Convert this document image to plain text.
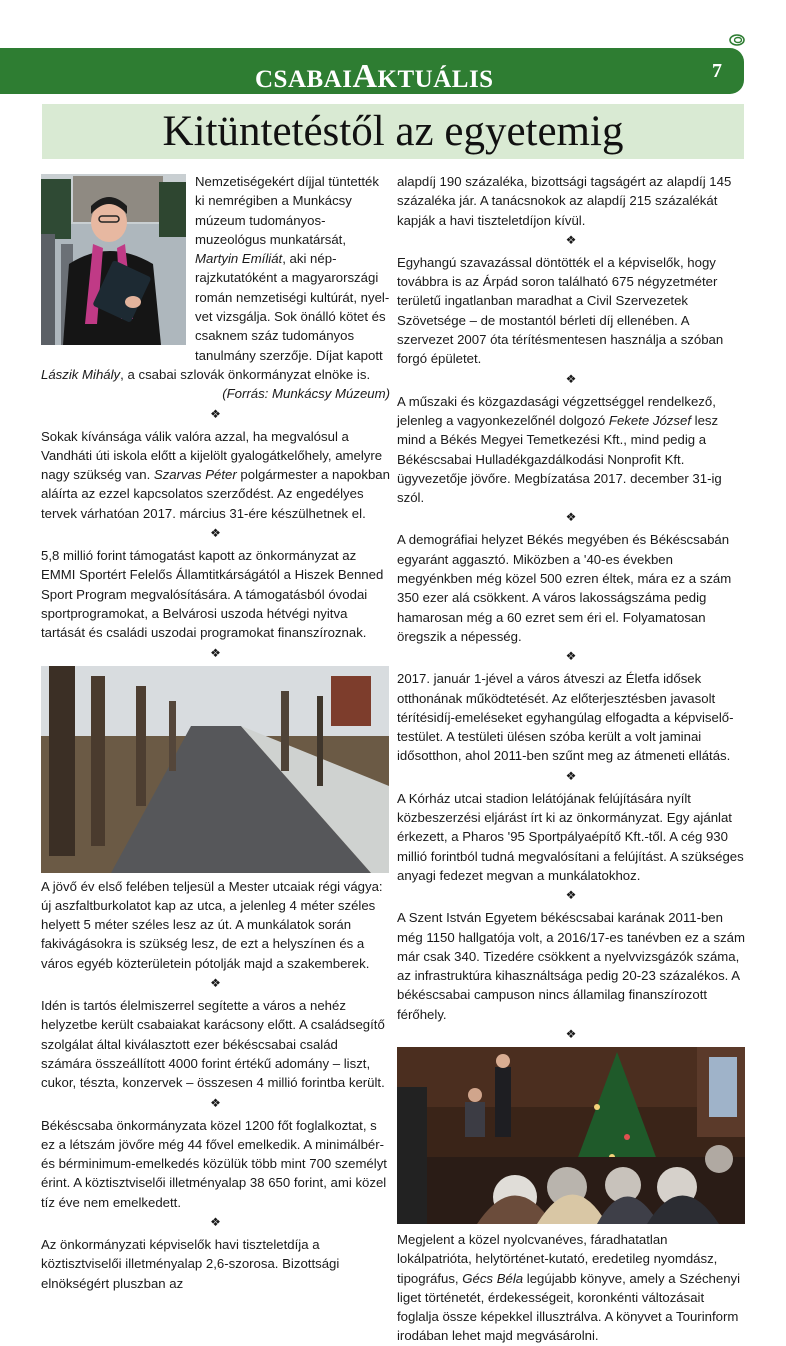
CSABAIAKTUÁLIS	7
Kitüntetéstől az egyetemig

Nemzetiségekért díjjal tüntették ki nemrégiben a Munkácsy múzeum tudományos-muzeológus munkatársát, Martyin Emíliát, aki néprajzkutatóként a magyarországi román nemzetiségi kultúrát, nyelvet vizsgálja. Sok önálló kötet és csaknem száz tudományos tanulmány szerzője. Díjat kapott Lászik Mihály, a csabai szlovák önkormányzat elnöke is.

(Forrás: Munkácsy Múzeum)

❖

Sokak kívánsága válik valóra azzal, ha megvalósul a Vandháti úti iskola előtt a kijelölt gyalogátkelőhely, amelyre nagy szükség van. Szarvas Péter polgármester a napokban aláírta az ezzel kapcsolatos szerződést. Az engedélyes tervek várhatóan 2017. március 31-ére készülhetnek el.

❖

5,8 millió forint támogatást kapott az önkormányzat az EMMI Sportért Felelős Államtitkárságától a Hiszek Benned Sport Program megvalósítására. A támogatásból óvodai sportprogramokat, a Belvárosi uszoda hétvégi nyitva tartását és családi uszodai programokat finanszíroznak.

❖

A jövő év első felében teljesül a Mester utcaiak régi vágya: új aszfaltburkolatot kap az utca, a jelenleg 4 méter széles helyett 5 méter széles lesz az út. A munkálatok során fakivágásokra is szükség lesz, de ezt a helyszínen és a város egyéb közterületein pótolják majd a szakemberek.

❖

Idén is tartós élelmiszerrel segítette a város a nehéz helyzetbe került csabaiakat karácsony előtt. A családsegítő szolgálat által kiválasztott ezer békéscsabai család számára összeállított 4000 forint értékű adomány – liszt, cukor, tészta, konzervek – összesen 4 millió forintba került.

❖

Békéscsaba önkormányzata közel 1200 főt foglalkoztat, s ez a létszám jövőre még 44 fővel emelkedik. A minimálbér- és bérminimum-emelkedés közülük több mint 700 személyt érint. A köztisztviselői illetményalap 38 650 forint, ami közel tíz éve nem emelkedett.

❖

Az önkormányzati képviselők havi tiszteletdíja a köztisztviselői illetményalap 2,6-szorosa. Bizottsági elnökségért pluszban az

alapdíj 190 százaléka, bizottsági tagságért az alapdíj 145 százaléka jár. A tanácsnokok az alapdíj 215 százalékát kapják a havi tiszteletdíjon kívül.

❖

Egyhangú szavazással döntötték el a képviselők, hogy továbbra is az Árpád soron található 675 négyzetméter területű ingatlanban maradhat a Civil Szervezetek Szövetsége – de mostantól bérleti díj ellenében. A szervezet 2007 óta térítésmentesen használja a szóban forgó épületet.

❖

A műszaki és közgazdasági végzettséggel rendelkező, jelenleg a vagyonkezelőnél dolgozó Fekete József lesz mind a Békés Megyei Temetkezési Kft., mind pedig a Békéscsabai Hulladékgazdálkodási Nonprofit Kft. ügyvezetője jövőre. Megbízatása 2017. december 31-ig szól.

❖

A demográfiai helyzet Békés megyében és Békéscsabán egyaránt aggasztó. Miközben a '40-es években megyénkben még közel 500 ezren éltek, mára ez a szám 350 ezer alá csökkent. A város lakosságszáma pedig hamarosan még a 60 ezret sem éri el. Folyamatosan öregszik a népesség.

❖

2017. január 1-jével a város átveszi az Életfa idősek otthonának működtetését. Az előterjesztésben javasolt térítésidíj-emeléseket egyhangúlag elfogadta a képviselő-testület. A testületi ülésen szóba került a volt jaminai idősotthon, ahol 2011-ben szűnt meg az átmeneti ellátás.

❖

A Kórház utcai stadion lelátójának felújítására nyílt közbeszerzési eljárást írt ki az önkormányzat. Egy ajánlat érkezett, a Pharos '95 Sportpályaépítő Kft.-től. A cég 930 millió forintból tudná megvalósítani a felújítást. A szükséges anyagi fedezet megvan a munkálatokhoz.

❖

A Szent István Egyetem békéscsabai karának 2011-ben még 1150 hallgatója volt, a 2016/17-es tanévben ez a szám már csak 340. Tizedére csökkent a nyelvvizsgázók száma, az infrastruktúra kihasználtsága pedig 20-23 százalékos. A békéscsabai campuson nincs államilag finanszírozott férőhely.

❖

Megjelent a közel nyolcvanéves, fáradhatatlan lokálpatrióta, helytörténet-kutató, eredetileg nyomdász, tipográfus, Gécs Béla legújabb könyve, amely a Széchenyi liget történetét, érdekességeit, koronkénti változásait foglalja össze képekkel illusztrálva. A könyvet a Tourinform irodában lehet majd megvásárolni.
